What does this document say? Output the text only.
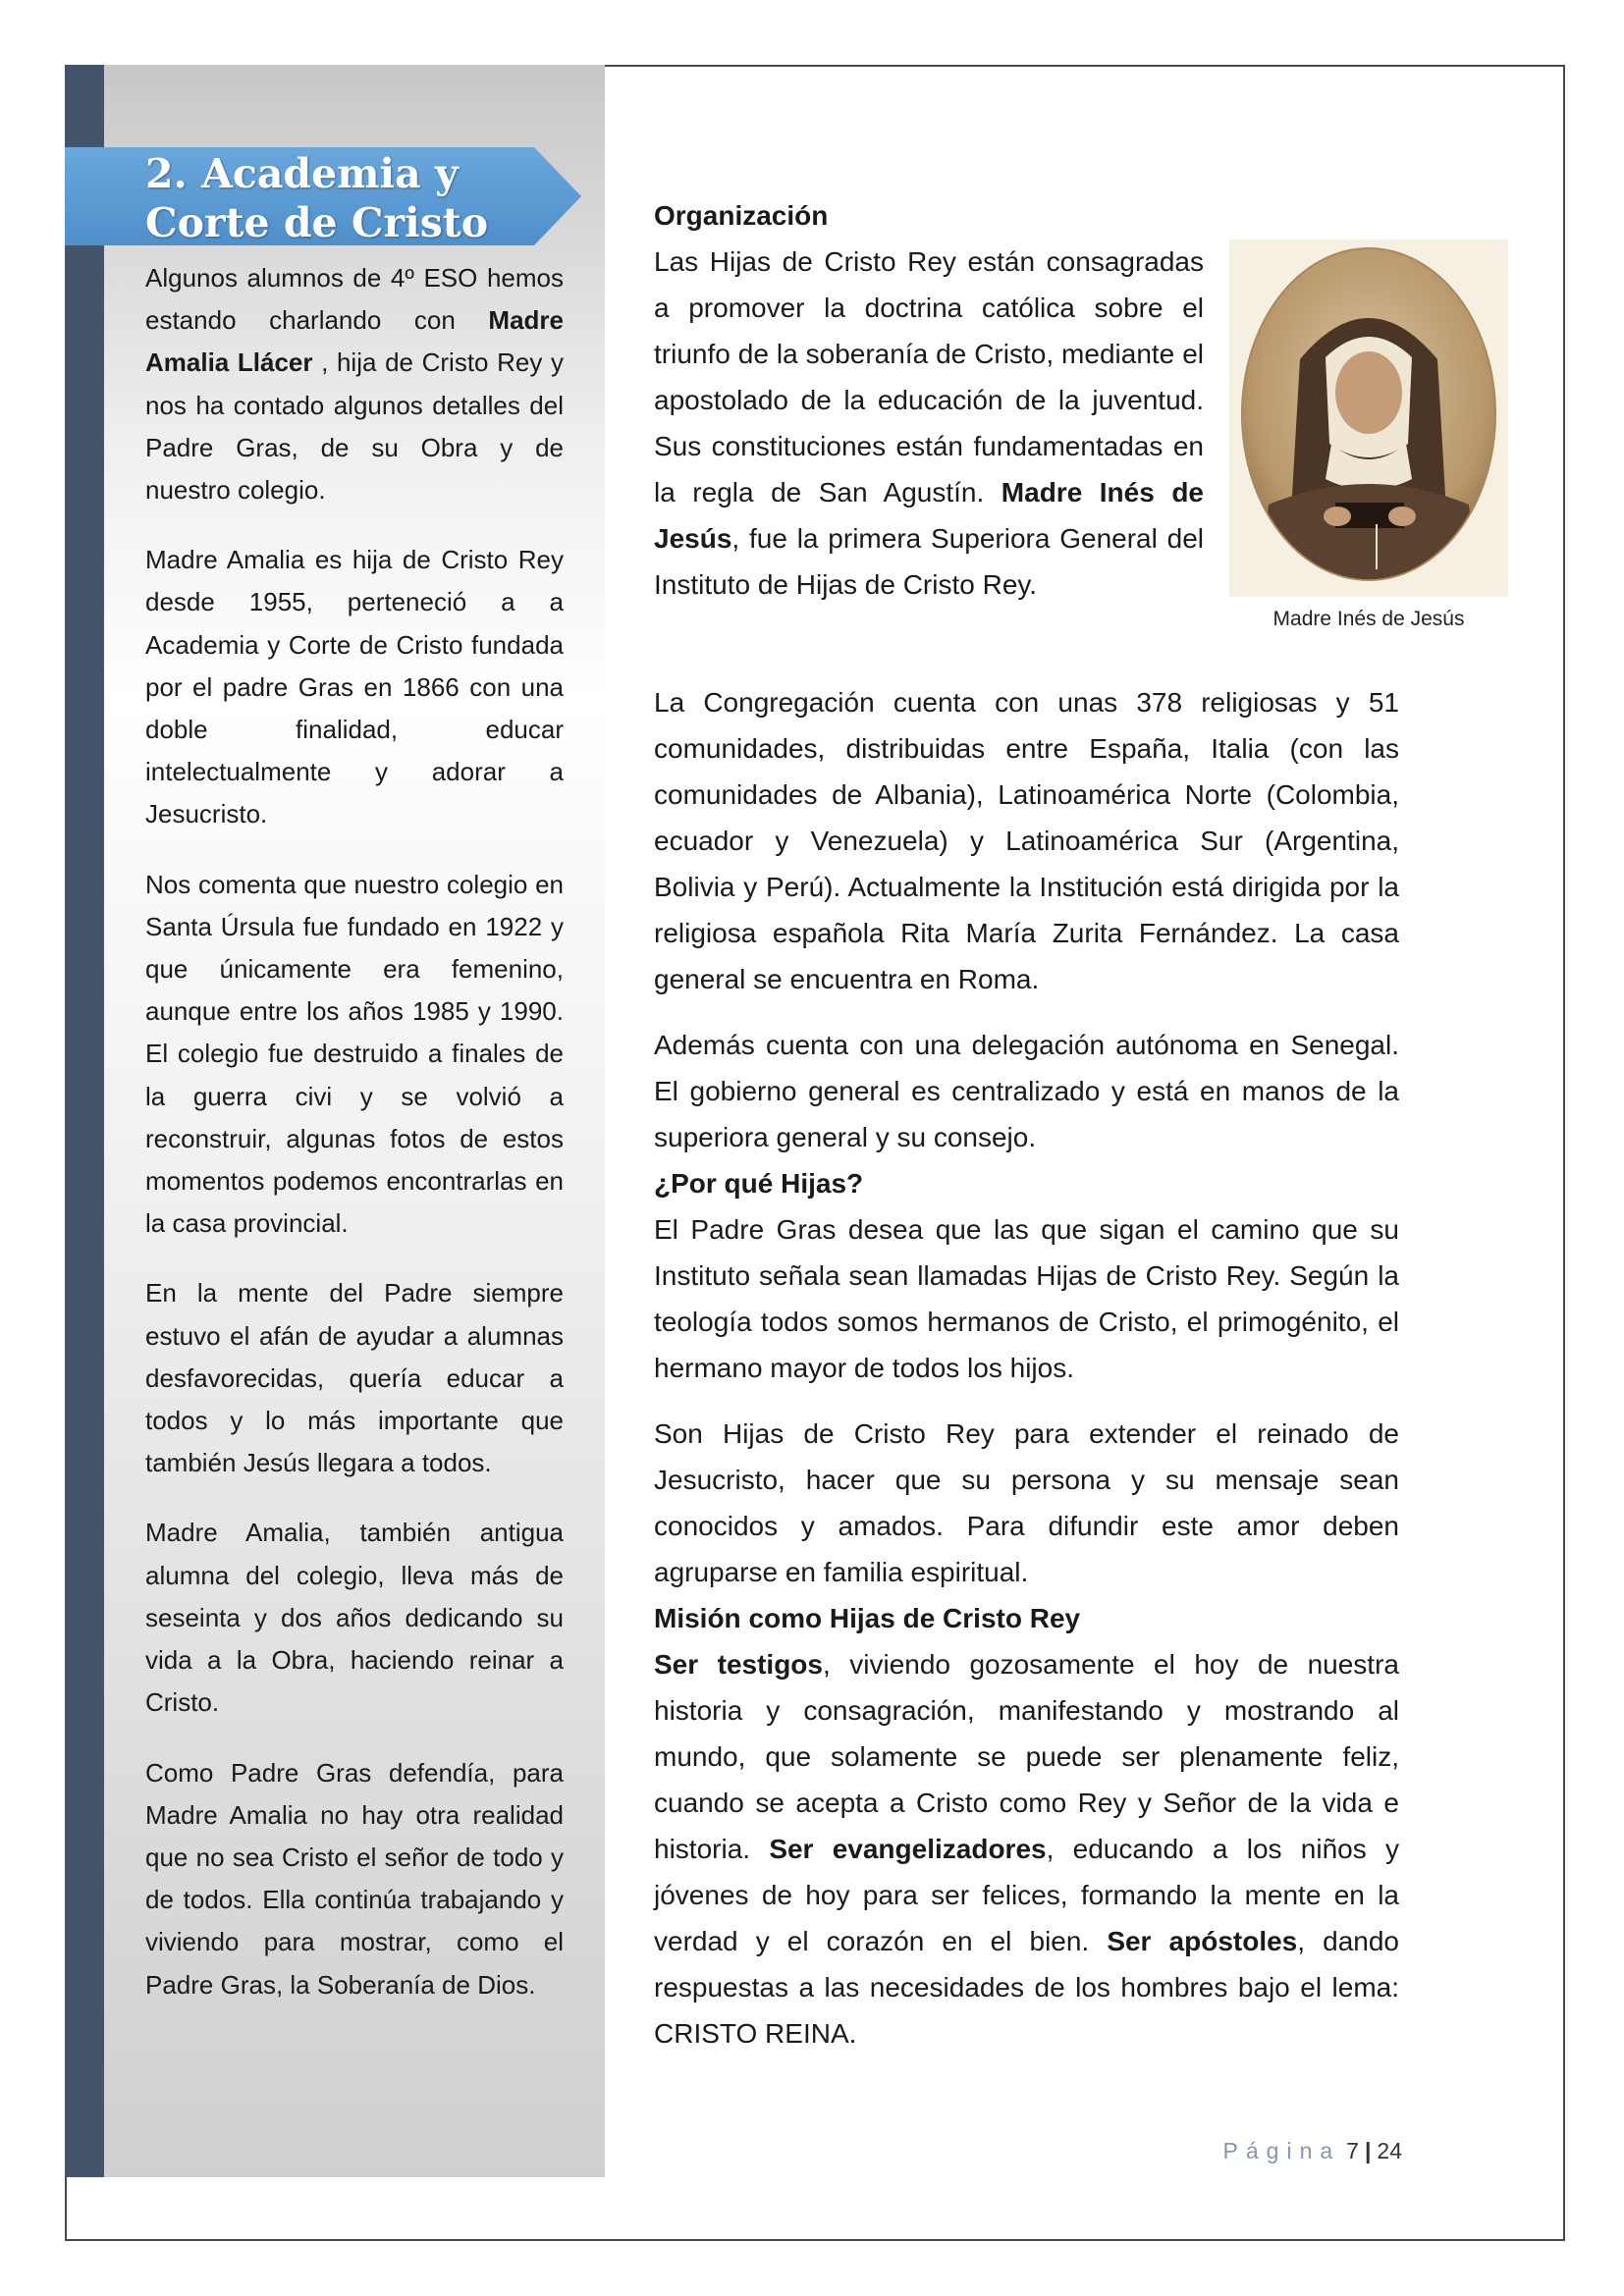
2. Academia y
Corte de Cristo

Algunos alumnos de 4º ESO hemos estando charlando con Madre Amalia Llácer , hija de Cristo Rey y nos ha contado algunos detalles del Padre Gras, de su Obra y de nuestro colegio.

Madre Amalia es hija de Cristo Rey desde 1955, perteneció a a Academia y Corte de Cristo fundada por el padre Gras en 1866 con una doble finalidad, educar intelectualmente y adorar a Jesucristo.

Nos comenta que nuestro colegio en Santa Úrsula fue fundado en 1922 y que únicamente era femenino, aunque entre los años 1985 y 1990. El colegio fue destruido a finales de la guerra civi y se volvió a reconstruir, algunas fotos de estos momentos podemos encontrarlas en la casa provincial.

En la mente del Padre siempre estuvo el afán de ayudar a alumnas desfavorecidas, quería educar a todos y lo más importante que también Jesús llegara a todos.

Madre Amalia, también antigua alumna del colegio, lleva más de seseinta y dos años dedicando su vida a la Obra, haciendo reinar a Cristo.

Como Padre Gras defendía, para Madre Amalia no hay otra realidad que no sea Cristo el señor de todo y de todos. Ella continúa trabajando y viviendo para mostrar, como el Padre Gras, la Soberanía de Dios.

Madre Inés de Jesús
Organización

Las Hijas de Cristo Rey están consagradas a promover la doctrina católica sobre el triunfo de la soberanía de Cristo, mediante el apostolado de la educación de la juventud. Sus constituciones están fundamentadas en la regla de San Agustín. Madre Inés de Jesús, fue la primera Superiora General del Instituto de Hijas de Cristo Rey.

La Congregación cuenta con unas 378 religiosas y 51 comunidades, distribuidas entre España, Italia (con las comunidades de Albania), Latinoamérica Norte (Colombia, ecuador y Venezuela) y Latinoamérica Sur (Argentina, Bolivia y Perú). Actualmente la Institución está dirigida por la religiosa española Rita María Zurita Fernández. La casa general se encuentra en Roma.

Además cuenta con una delegación autónoma en Senegal. El gobierno general es centralizado y está en manos de la superiora general y su consejo.

¿Por qué Hijas?

El Padre Gras desea que las que sigan el camino que su Instituto señala sean llamadas Hijas de Cristo Rey. Según la teología todos somos hermanos de Cristo, el primogénito, el hermano mayor de todos los hijos.

Son Hijas de Cristo Rey para extender el reinado de Jesucristo, hacer que su persona y su mensaje sean conocidos y amados. Para difundir este amor deben agruparse en familia espiritual.

Misión como Hijas de Cristo Rey

Ser testigos, viviendo gozosamente el hoy de nuestra historia y consagración, manifestando y mostrando al mundo, que solamente se puede ser plenamente feliz, cuando se acepta a Cristo como Rey y Señor de la vida e historia. Ser evangelizadores, educando a los niños y jóvenes de hoy para ser felices, formando la mente en la verdad y el corazón en el bien. Ser apóstoles, dando respuestas a las necesidades de los hombres bajo el lema: CRISTO REINA.

Página 7 | 24
